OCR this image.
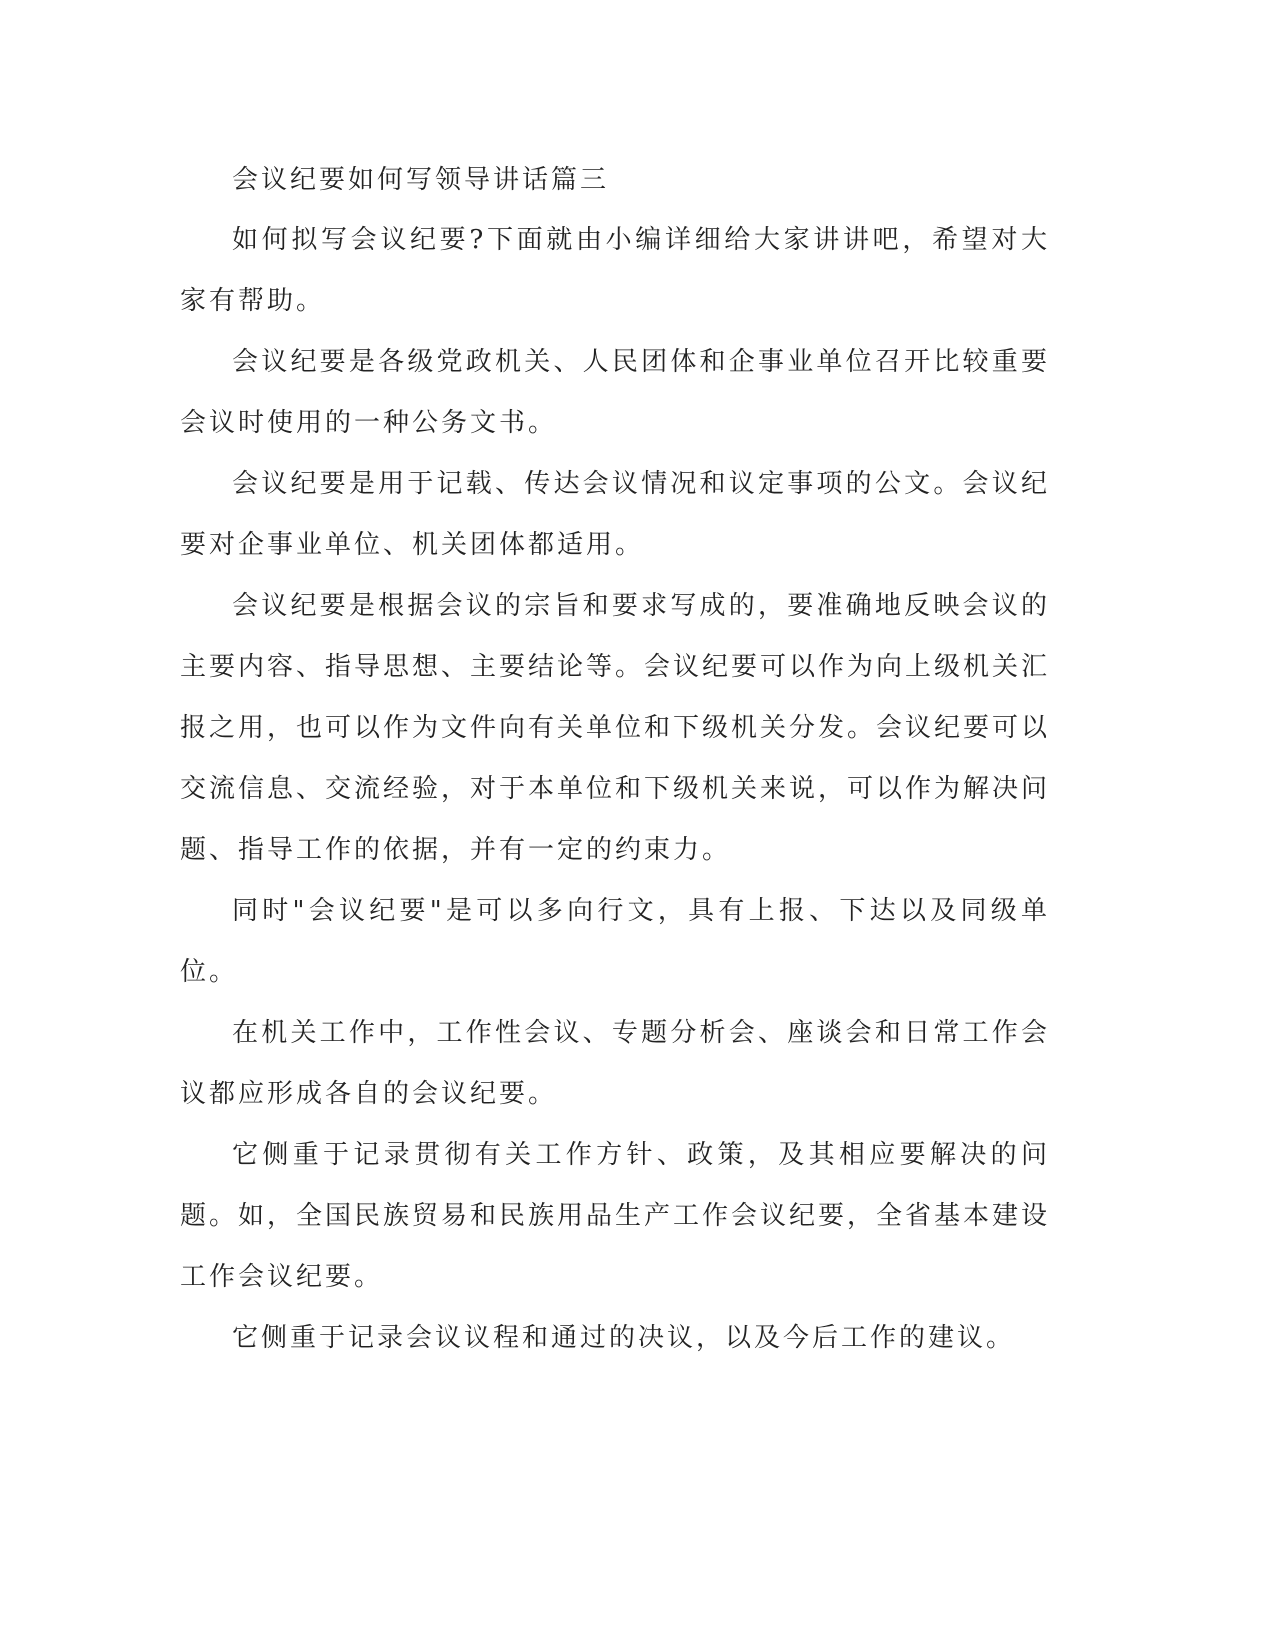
会议纪要如何写领导讲话篇三

如何拟写会议纪要?下面就由小编详细给大家讲讲吧，希望对大家有帮助。

会议纪要是各级党政机关、人民团体和企事业单位召开比较重要会议时使用的一种公务文书。

会议纪要是用于记载、传达会议情况和议定事项的公文。会议纪要对企事业单位、机关团体都适用。

会议纪要是根据会议的宗旨和要求写成的，要准确地反映会议的主要内容、指导思想、主要结论等。会议纪要可以作为向上级机关汇报之用，也可以作为文件向有关单位和下级机关分发。会议纪要可以交流信息、交流经验，对于本单位和下级机关来说，可以作为解决问题、指导工作的依据，并有一定的约束力。

同时"会议纪要"是可以多向行文，具有上报、下达以及同级单位。

在机关工作中，工作性会议、专题分析会、座谈会和日常工作会议都应形成各自的会议纪要。

它侧重于记录贯彻有关工作方针、政策，及其相应要解决的问题。如，全国民族贸易和民族用品生产工作会议纪要，全省基本建设工作会议纪要。

它侧重于记录会议议程和通过的决议，以及今后工作的建议。
